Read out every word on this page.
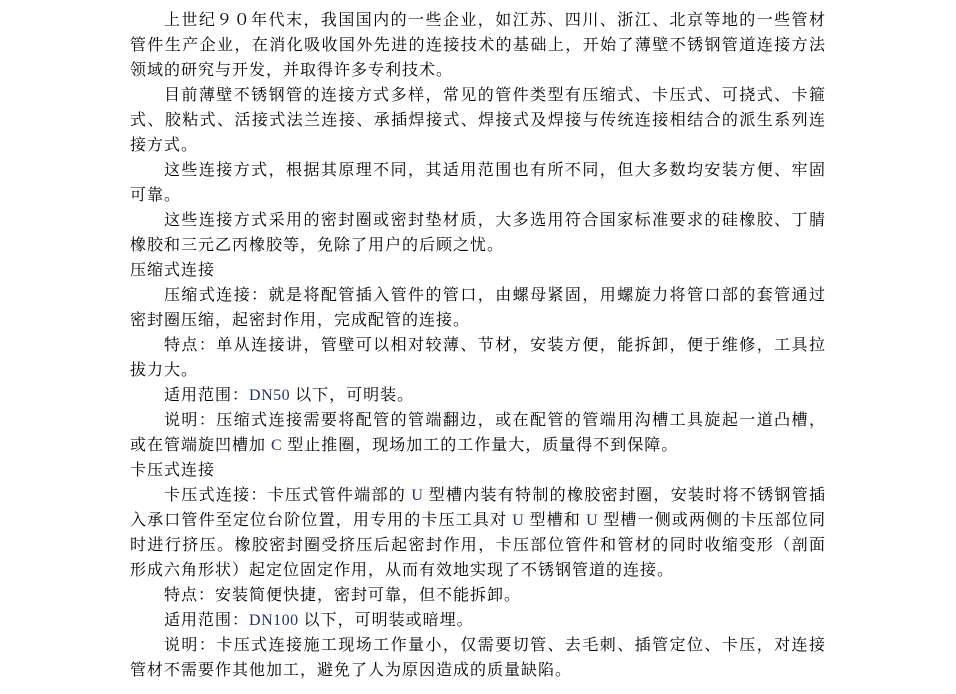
上世纪９０年代末，我国国内的一些企业，如江苏、四川、浙江、北京等地的一些管材管件生产企业，在消化吸收国外先进的连接技术的基础上，开始了薄壁不锈钢管道连接方法领域的研究与开发，并取得许多专利技术。

目前薄壁不锈钢管的连接方式多样，常见的管件类型有压缩式、卡压式、可挠式、卡箍式、胶粘式、活接式法兰连接、承插焊接式、焊接式及焊接与传统连接相结合的派生系列连接方式。

这些连接方式，根据其原理不同，其适用范围也有所不同，但大多数均安装方便、牢固可靠。

这些连接方式采用的密封圈或密封垫材质，大多选用符合国家标准要求的硅橡胶、丁腈橡胶和三元乙丙橡胶等，免除了用户的后顾之忧。

压缩式连接

压缩式连接：就是将配管插入管件的管口，由螺母紧固，用螺旋力将管口部的套管通过密封圈压缩，起密封作用，完成配管的连接。

特点：单从连接讲，管壁可以相对较薄、节材，安装方便，能拆卸，便于维修，工具拉拔力大。

适用范围：DN50 以下，可明装。

说明：压缩式连接需要将配管的管端翻边，或在配管的管端用沟槽工具旋起一道凸槽，或在管端旋凹槽加 C 型止推圈，现场加工的工作量大，质量得不到保障。

卡压式连接

卡压式连接：卡压式管件端部的 U 型槽内装有特制的橡胶密封圈，安装时将不锈钢管插入承口管件至定位台阶位置，用专用的卡压工具对 U 型槽和 U 型槽一侧或两侧的卡压部位同时进行挤压。橡胶密封圈受挤压后起密封作用，卡压部位管件和管材的同时收缩变形（剖面形成六角形状）起定位固定作用，从而有效地实现了不锈钢管道的连接。

特点：安装简便快捷，密封可靠，但不能拆卸。

适用范围：DN100 以下，可明装或暗埋。

说明：卡压式连接施工现场工作量小，仅需要切管、去毛刺、插管定位、卡压，对连接管材不需要作其他加工，避免了人为原因造成的质量缺陷。
